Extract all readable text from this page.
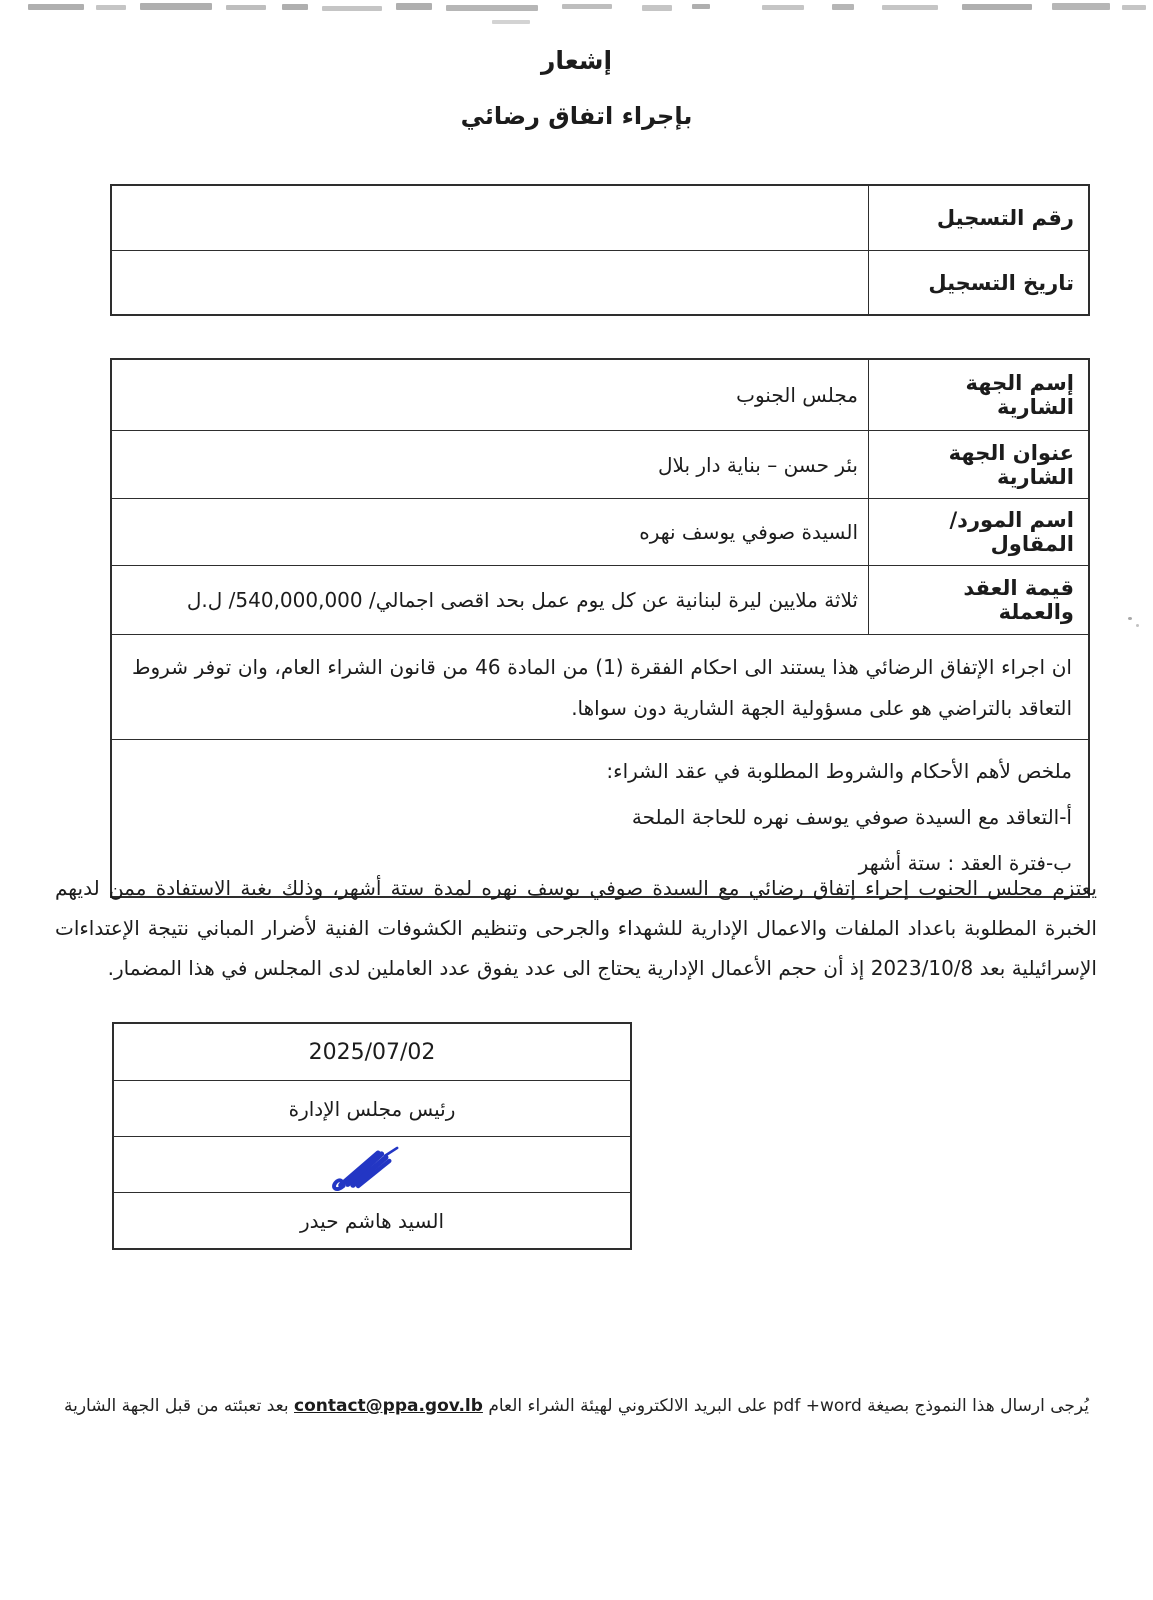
إشعار
بإجراء اتفاق رضائي
رقم التسجيل
تاريخ التسجيل
إسم الجهة الشارية
مجلس الجنوب
عنوان الجهة الشارية
بئر حسن – بناية دار بلال
اسم المورد/المقاول
السيدة صوفي يوسف نهره
قيمة العقد والعملة
ثلاثة ملايين ليرة لبنانية عن كل يوم عمل بحد اقصى اجمالي/ 540,000,000/ ل.ل
ان اجراء الإتفاق الرضائي هذا يستند الى احكام الفقرة (1) من المادة 46 من قانون الشراء العام، وان توفر شروط التعاقد بالتراضي هو على مسؤولية الجهة الشارية دون سواها.
ملخص لأهم الأحكام والشروط المطلوبة في عقد الشراء:
أ-التعاقد مع السيدة صوفي يوسف نهره للحاجة الملحة
ب-فترة العقد : ستة أشهر
يعتزم مجلس الجنوب إجراء إتفاق رضائي مع السيدة صوفي يوسف نهره لمدة ستة أشهر، وذلك بغية الاستفادة ممن لديهم الخبرة المطلوبة باعداد الملفات والاعمال الإدارية للشهداء والجرحى وتنظيم الكشوفات الفنية لأضرار المباني نتيجة الإعتداءات الإسرائيلية بعد 2023/10/8 إذ أن حجم الأعمال الإدارية يحتاج الى عدد يفوق عدد العاملين لدى المجلس في هذا المضمار.
2025/07/02
رئيس مجلس الإدارة
السيد هاشم حيدر
يُرجى ارسال هذا النموذج بصيغة pdf +word على البريد الالكتروني لهيئة الشراء العام contact@ppa.gov.lb بعد تعبئته من قبل الجهة الشارية
